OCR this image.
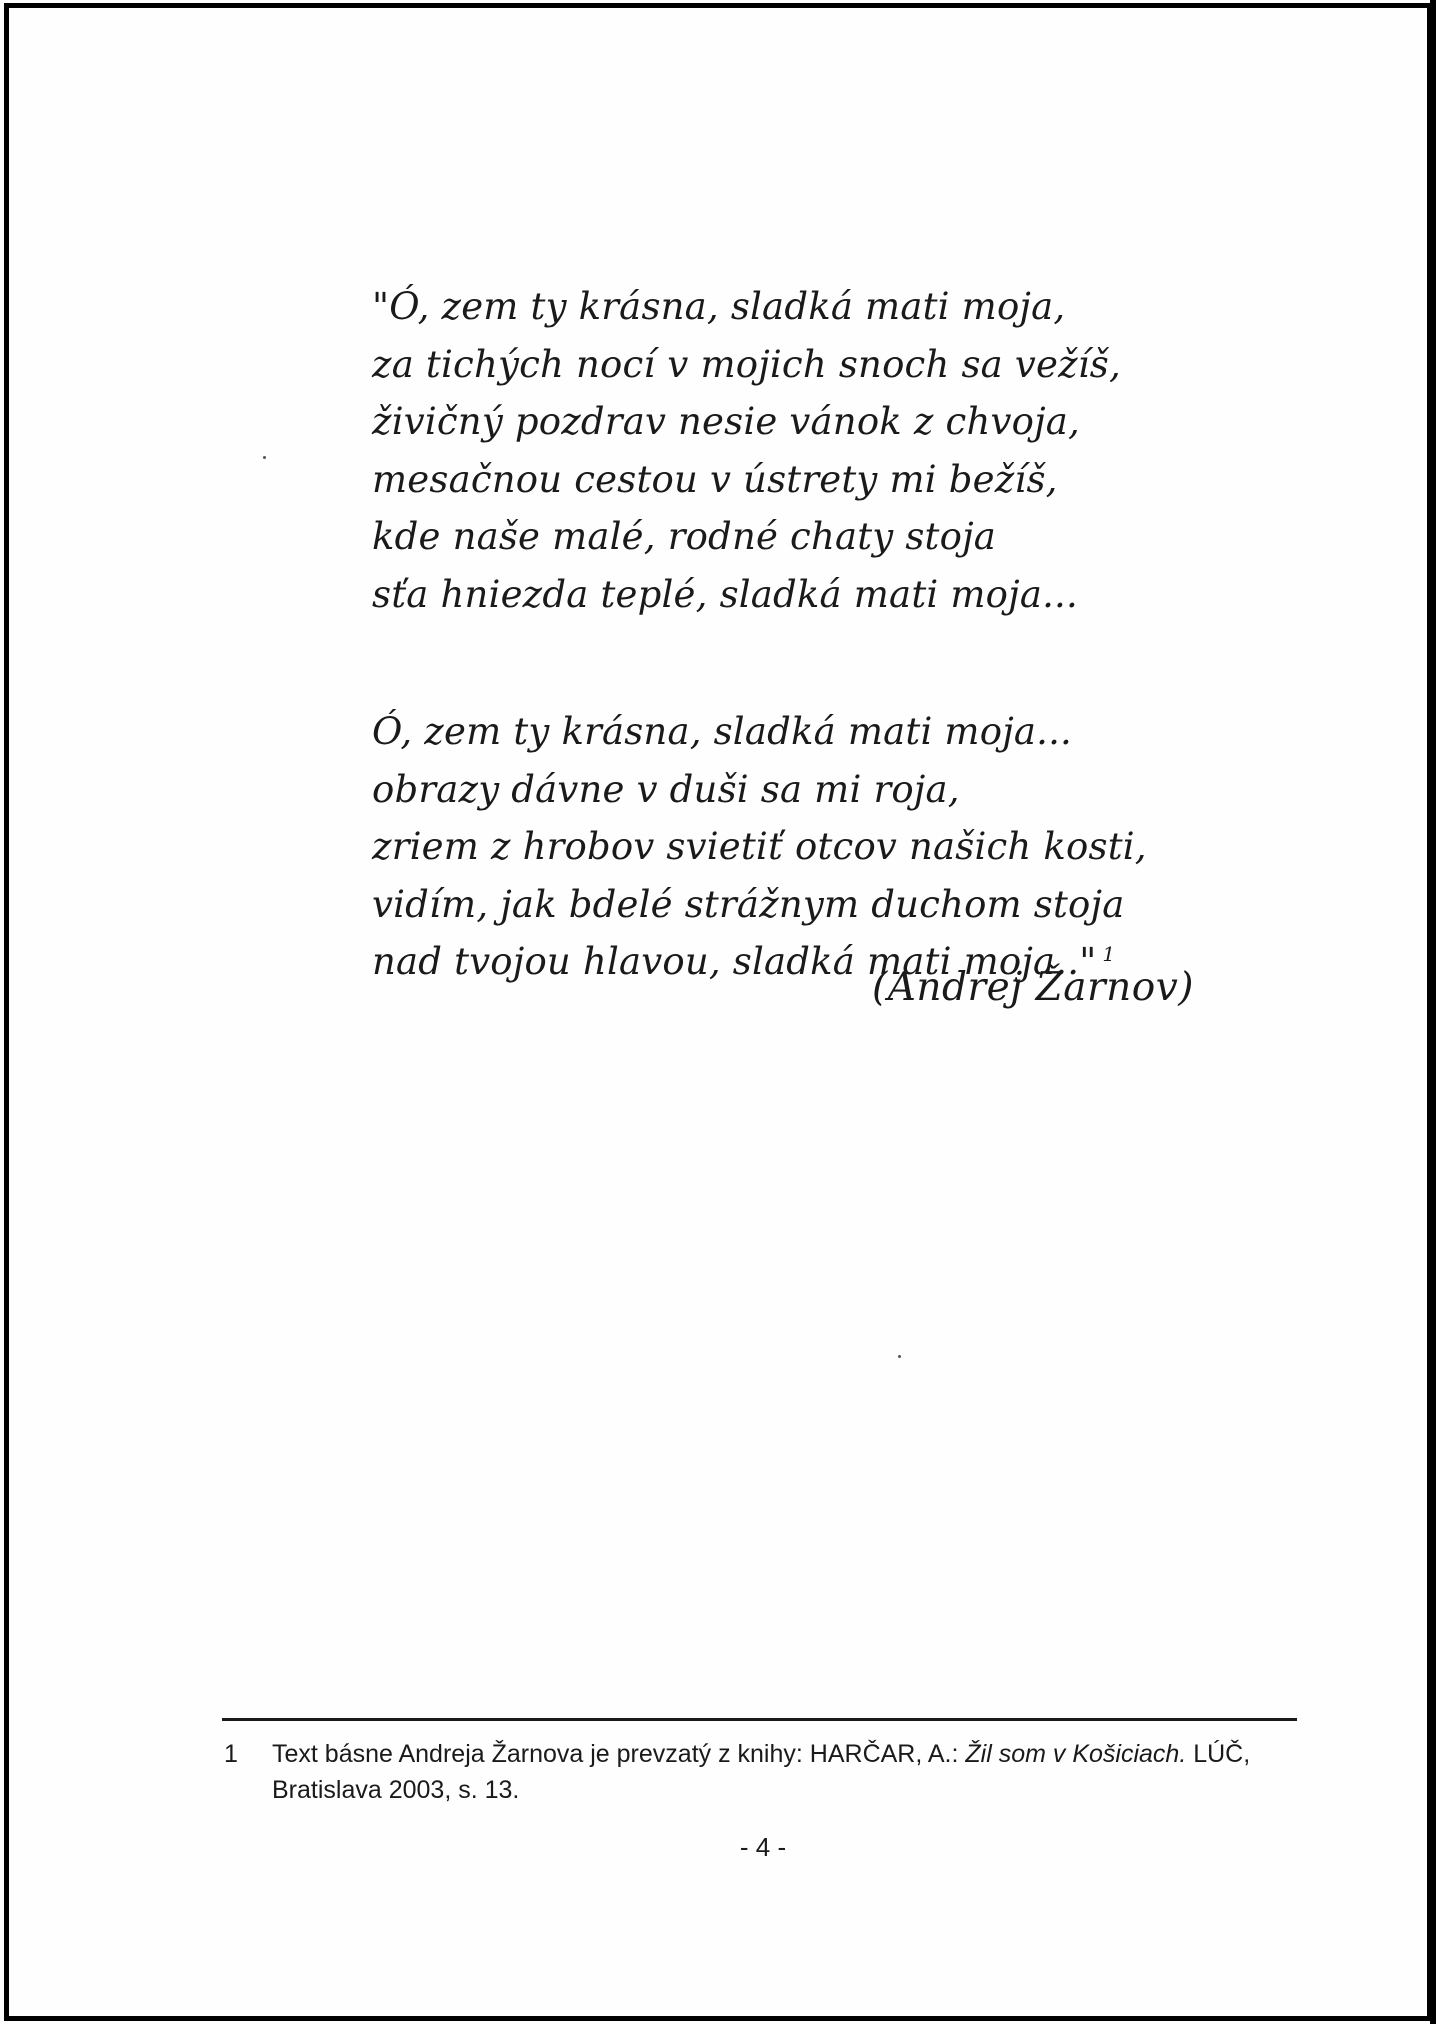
"Ó, zem ty krásna, sladká mati moja,
za tichých nocí v mojich snoch sa vežíš,
živičný pozdrav nesie vánok z chvoja,
mesačnou cestou v ústrety mi bežíš,
kde naše malé, rodné chaty stoja
sťa hniezda teplé, sladká mati moja...

Ó, zem ty krásna, sladká mati moja...
obrazy dávne v duši sa mi roja,
zriem z hrobov svietiť otcov našich kosti,
vidím, jak bdelé strážnym duchom stoja
nad tvojou hlavou, sladká mati moja.." $^1$

(Andrej Žarnov)
1 Text básne Andreja Žarnova je prevzatý z knihy: HARČAR, A.: Žil som v Košiciach. LÚČ, Bratislava 2003, s. 13.
- 4 -
